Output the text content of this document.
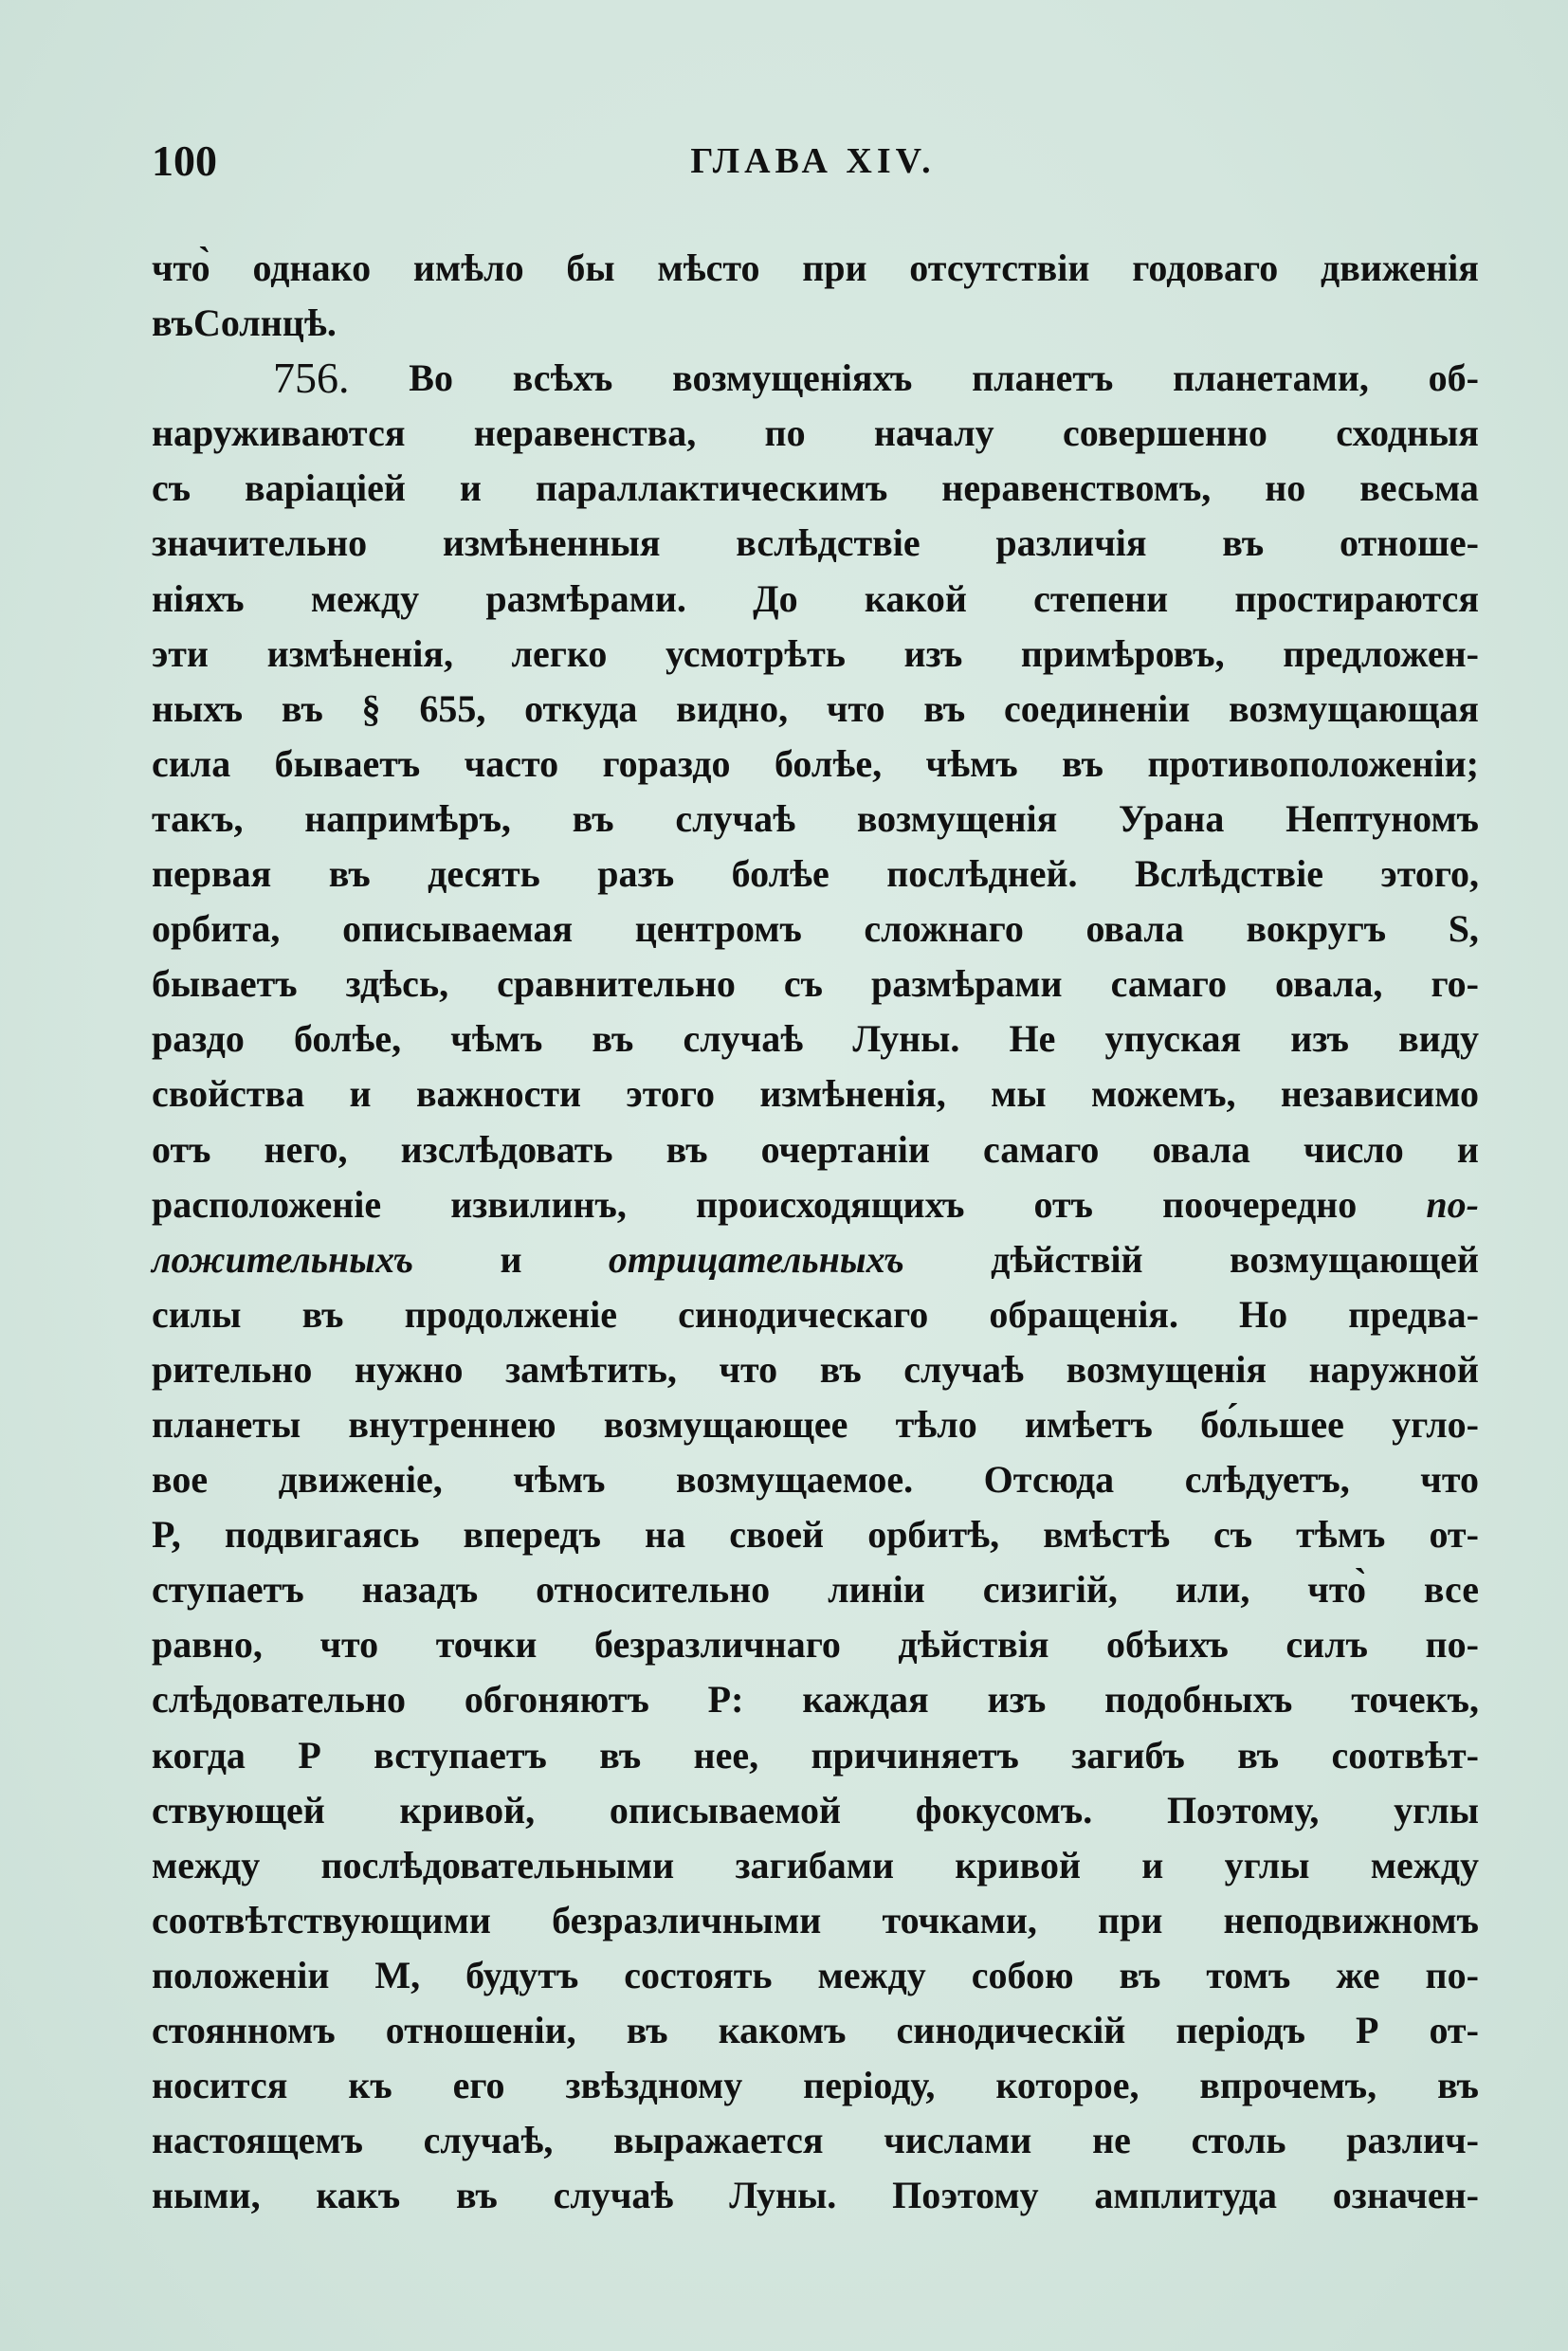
100	ГЛАВА XIV.
что̀ однако имѣло бы мѣсто при отсутствіи годоваго движенія
въ Солнцѣ.
756. Во всѣхъ возмущеніяхъ планетъ планетами, об-
наруживаются неравенства, по началу совершенно сходныя
съ варіаціей и параллактическимъ неравенствомъ, но весьма
значительно измѣненныя вслѣдствіе различія въ отноше-
ніяхъ между размѣрами. До какой степени простираются
эти измѣненія, легко усмотрѣть изъ примѣровъ, предложен-
ныхъ въ § 655, откуда видно, что въ соединеніи возмущающая
сила бываетъ часто гораздо болѣе, чѣмъ въ противоположеніи;
такъ, напримѣръ, въ случаѣ возмущенія Урана Нептуномъ
первая въ десять разъ болѣе послѣдней. Вслѣдствіе этого,
орбита, описываемая центромъ сложнаго овала вокругъ S,
бываетъ здѣсь, сравнительно съ размѣрами самаго овала, го-
раздо болѣе, чѣмъ въ случаѣ Луны. Не упуская изъ виду
свойства и важности этого измѣненія, мы можемъ, независимо
отъ него, изслѣдовать въ очертаніи самаго овала число и
расположеніе извилинъ, происходящихъ отъ поочередно по-
ложительныхъ и отрицательныхъ дѣйствій возмущающей
силы въ продолженіе синодическаго обращенія. Но предва-
рительно нужно замѣтить, что въ случаѣ возмущенія наружной
планеты внутреннею возмущающее тѣло имѣетъ бо́льшее угло-
вое движеніе, чѣмъ возмущаемое. Отсюда слѣдуетъ, что
P, подвигаясь впередъ на своей орбитѣ, вмѣстѣ съ тѣмъ от-
ступаетъ назадъ относительно линіи сизигій, или, что̀ все
равно, что точки безразличнаго дѣйствія обѣихъ силъ по-
слѣдовательно обгоняютъ P: каждая изъ подобныхъ точекъ,
когда P вступаетъ въ нее, причиняетъ загибъ въ соотвѣт-
ствующей кривой, описываемой фокусомъ. Поэтому, углы
между послѣдовательными загибами кривой и углы между
соотвѣтствующими безразличными точками, при неподвижномъ
положеніи M, будутъ состоять между собою въ томъ же по-
стоянномъ отношеніи, въ какомъ синодическій періодъ P от-
носится къ его звѣздному періоду, которое, впрочемъ, въ
настоящемъ случаѣ, выражается числами не столь различ-
ными, какъ въ случаѣ Луны. Поэтому амплитуда означен-
